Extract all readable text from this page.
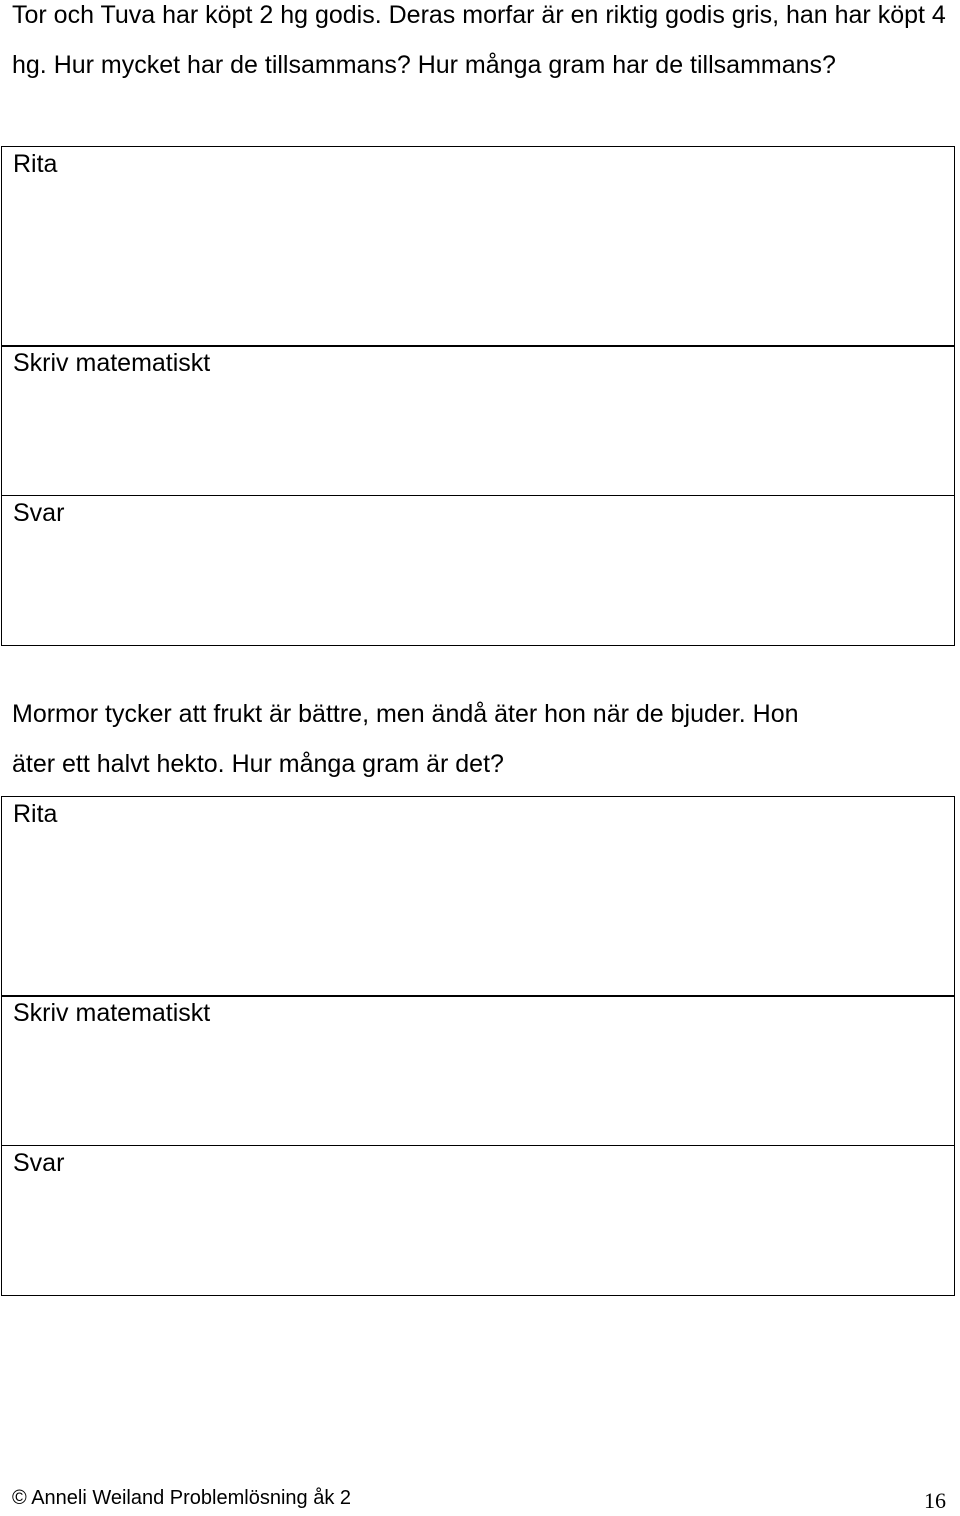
Tor och Tuva har köpt 2 hg godis. Deras morfar är en riktig godis gris, han har köpt 4 hg. Hur mycket har de tillsammans? Hur många gram har de tillsammans?

Rita

Skriv matematiskt

Svar

Mormor tycker att frukt är bättre, men ändå äter hon när de bjuder. Hon
äter ett halvt hekto. Hur många gram är det?

Rita

Skriv matematiskt

Svar

© Anneli Weiland Problemlösning åk 2	16
